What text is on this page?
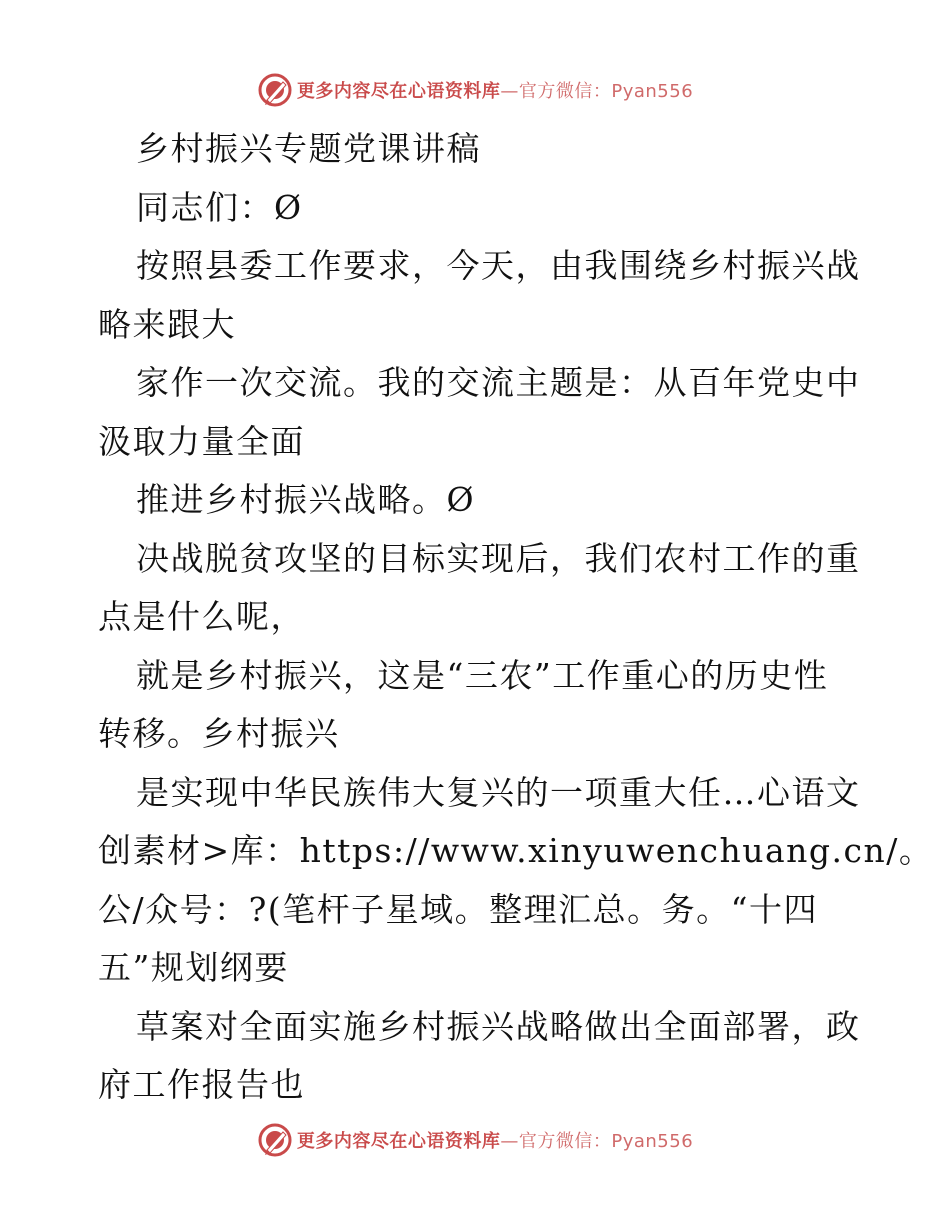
更多内容尽在心语资料库—官方微信：Pyan556
乡村振兴专题党课讲稿
同志们：Ø
按照县委工作要求，今天，由我围绕乡村振兴战
略来跟大
家作一次交流。我的交流主题是：从百年党史中
汲取力量全面
推进乡村振兴战略。Ø
决战脱贫攻坚的目标实现后，我们农村工作的重
点是什么呢，
就是乡村振兴，这是“三农”工作重心的历史性
转移。乡村振兴
是实现中华民族伟大复兴的一项重大任…心语文
创素材>库：https://www.xinyuwenchuang.cn/。
公/众号：?(笔杆子星域。整理汇总。务。“十四
五”规划纲要
草案对全面实施乡村振兴战略做出全面部署，政
府工作报告也
更多内容尽在心语资料库—官方微信：Pyan556
